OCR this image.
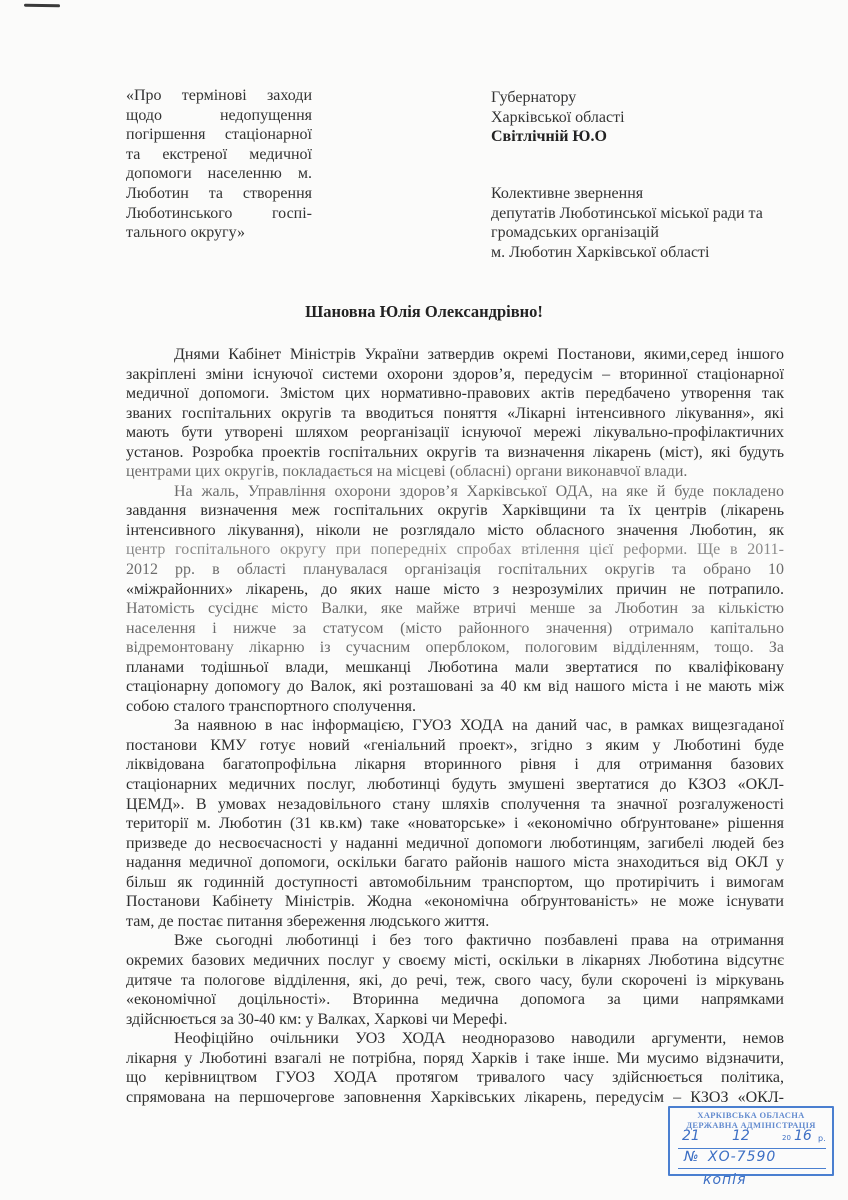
«Про термінові заходи
щодо недопущення
погіршення стаціонарної
та екстреної медичної
допомоги населенню м.
Люботин та створення
Люботинського госпі-
тального округу»
Губернатору
Харківської області
Світлічній Ю.О
Колективне звернення
депутатів Люботинської міської ради та
громадських організацій
м. Люботин Харківської області
Шановна Юлія Олександрівно!
Днями Кабінет Міністрів України затвердив окремі Постанови, якими,серед іншого
закріплені зміни існуючої системи охорони здоров’я, передусім – вторинної стаціонарної
медичної допомоги. Змістом цих нормативно-правових актів передбачено утворення так
званих госпітальних округів та вводиться поняття «Лікарні інтенсивного лікування», які
мають бути утворені шляхом реорганізації існуючої мережі лікувально-профілактичних
установ. Розробка проектів госпітальних округів та визначення лікарень (міст), які будуть
центрами цих округів, покладається на місцеві (обласні) органи виконавчої влади.
На жаль, Управління охорони здоров’я Харківської ОДА, на яке й буде покладено
завдання визначення меж госпітальних округів Харківщини та їх центрів (лікарень
інтенсивного лікування), ніколи не розглядало місто обласного значення Люботин, як
центр госпітального округу при попередніх спробах втілення цієї реформи. Ще в 2011-
2012 рр. в області планувалася організація госпітальних округів та обрано 10
«міжрайонних» лікарень, до яких наше місто з незрозумілих причин не потрапило.
Натомість сусіднє місто Валки, яке майже втричі менше за Люботин за кількістю
населення і нижче за статусом (місто районного значення) отримало капітально
відремонтовану лікарню із сучасним оперблоком, пологовим відділенням, тощо. За
планами тодішньої влади, мешканці Люботина мали звертатися по кваліфіковану
стаціонарну допомогу до Валок, які розташовані за 40 км від нашого міста і не мають між
собою сталого транспортного сполучення.
За наявною в нас інформацією, ГУОЗ ХОДА на даний час, в рамках вищезгаданої
постанови КМУ готує новий «геніальний проект», згідно з яким у Люботині буде
ліквідована багатопрофільна лікарня вторинного рівня і для отримання базових
стаціонарних медичних послуг, люботинці будуть змушені звертатися до КЗОЗ «ОКЛ-
ЦЕМД». В умовах незадовільного стану шляхів сполучення та значної розгалуженості
території м. Люботин (31 кв.км) таке «новаторське» і «економічно обґрунтоване» рішення
призведе до несвоєчасності у наданні медичної допомоги люботинцям, загибелі людей без
надання медичної допомоги, оскільки багато районів нашого міста знаходиться від ОКЛ у
більш як годинній доступності автомобільним транспортом, що протирічить і вимогам
Постанови Кабінету Міністрів. Жодна «економічна обґрунтованість» не може існувати
там, де постає питання збереження людського життя.
Вже сьогодні люботинці і без того фактично позбавлені права на отримання
окремих базових медичних послуг у своєму місті, оскільки в лікарнях Люботина відсутнє
дитяче та пологове відділення, які, до речі, теж, свого часу, були скорочені із міркувань
«економічної доцільності». Вторинна медична допомога за цими напрямками
здійснюється за 30-40 км: у Валках, Харкові чи Мерефі.
Неофіційно очільники УОЗ ХОДА неодноразово наводили аргументи, немов
лікарня у Люботині взагалі не потрібна, поряд Харків і таке інше. Ми мусимо відзначити,
що керівництвом ГУОЗ ХОДА протягом тривалого часу здійснюється політика,
спрямована на першочергове заповнення Харківських лікарень, передусім – КЗОЗ «ОКЛ-
ХАРКІВСЬКА ОБЛАСНА
ДЕРЖАВНА АДМІНІСТРАЦІЯ
21 12	20 16 р.
№ ХО-7590
копія
